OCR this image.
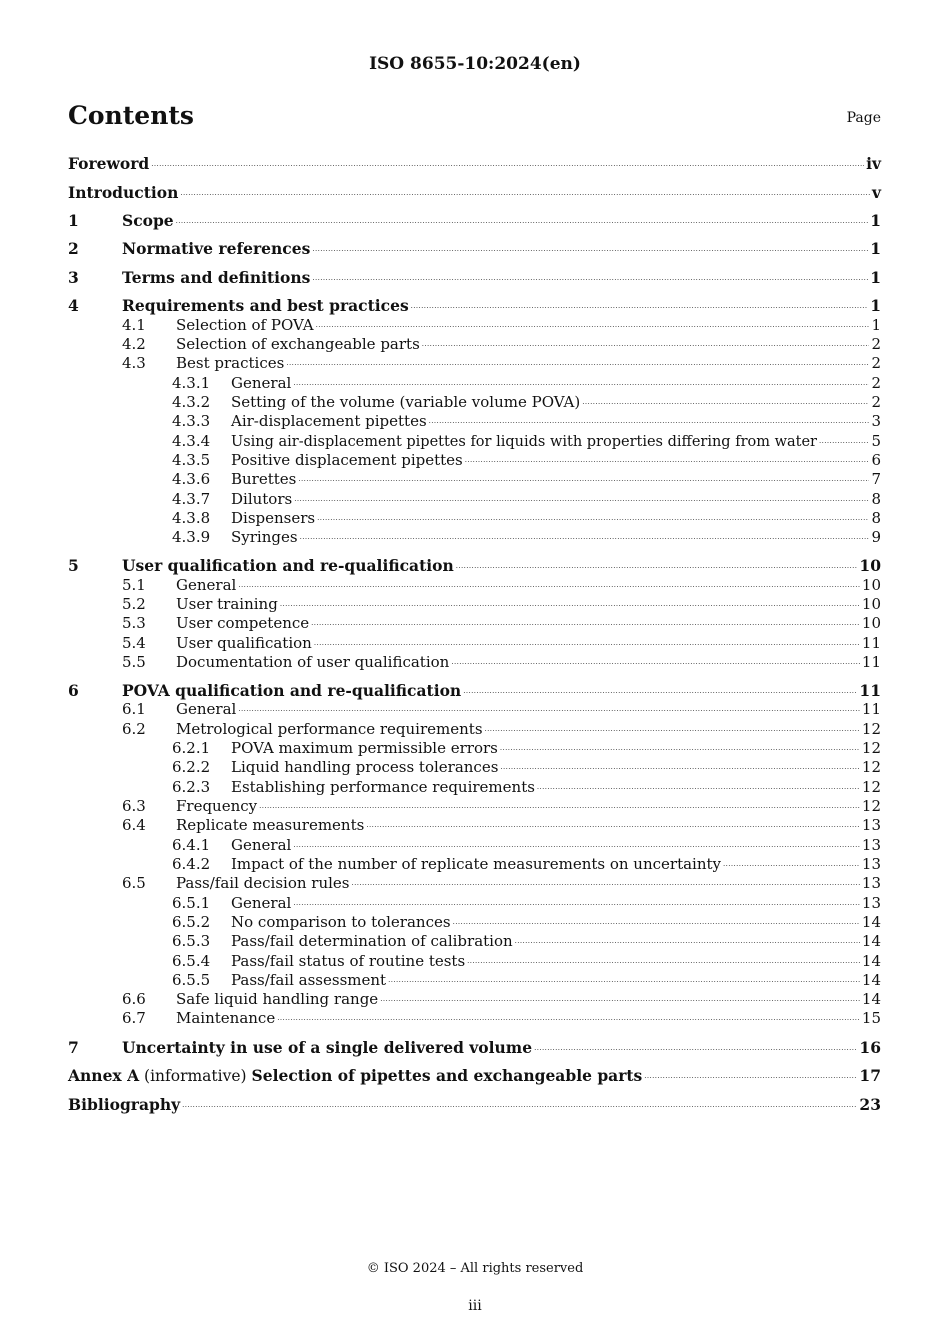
ISO 8655-10:2024(en)
Contents	Page
Foreword .....	iv
Introduction .....	v
1	Scope .....	1
2	Normative references .....	1
3	Terms and definitions .....	1
4	Requirements and best practices .....	1
4.1	Selection of POVA .....	1
4.2	Selection of exchangeable parts .....	2
4.3	Best practices .....	2
4.3.1	General .....	2
4.3.2	Setting of the volume (variable volume POVA) .....	2
4.3.3	Air-displacement pipettes .....	3
4.3.4	Using air-displacement pipettes for liquids with properties differing from water .....	5
4.3.5	Positive displacement pipettes .....	6
4.3.6	Burettes .....	7
4.3.7	Dilutors .....	8
4.3.8	Dispensers .....	8
4.3.9	Syringes .....	9
5	User qualification and re-qualification .....	10
5.1	General .....	10
5.2	User training .....	10
5.3	User competence .....	10
5.4	User qualification .....	11
5.5	Documentation of user qualification .....	11
6	POVA qualification and re-qualification .....	11
6.1	General .....	11
6.2	Metrological performance requirements .....	12
6.2.1	POVA maximum permissible errors .....	12
6.2.2	Liquid handling process tolerances .....	12
6.2.3	Establishing performance requirements .....	12
6.3	Frequency .....	12
6.4	Replicate measurements .....	13
6.4.1	General .....	13
6.4.2	Impact of the number of replicate measurements on uncertainty .....	13
6.5	Pass/fail decision rules .....	13
6.5.1	General .....	13
6.5.2	No comparison to tolerances .....	14
6.5.3	Pass/fail determination of calibration .....	14
6.5.4	Pass/fail status of routine tests .....	14
6.5.5	Pass/fail assessment .....	14
6.6	Safe liquid handling range .....	14
6.7	Maintenance .....	15
7	Uncertainty in use of a single delivered volume .....	16
Annex A (informative) Selection of pipettes and exchangeable parts .....	17
Bibliography .....	23
© ISO 2024 – All rights reserved
iii
